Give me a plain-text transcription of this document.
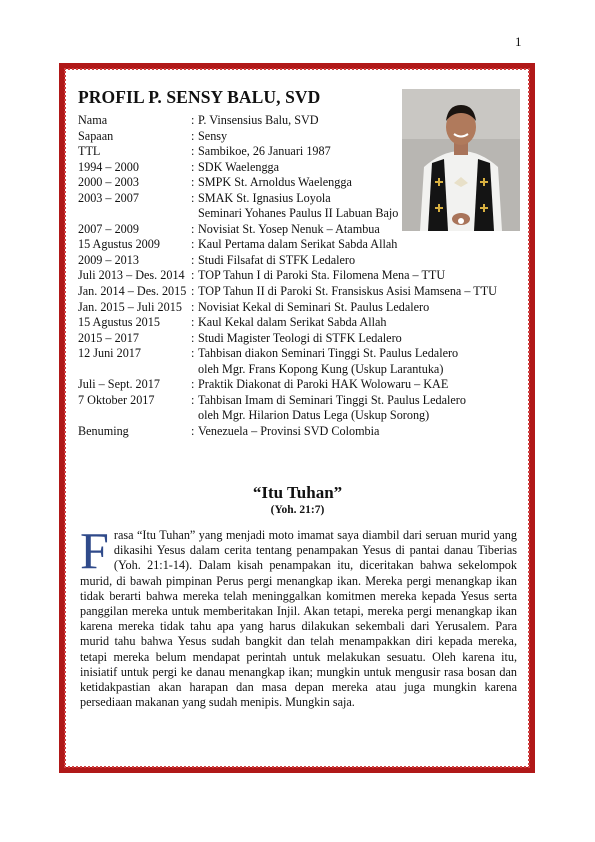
1
PROFIL P. SENSY BALU, SVD
Nama	:	P. Vinsensius Balu, SVD
Sapaan	:	Sensy
TTL	:	Sambikoe, 26 Januari 1987
1994 – 2000	:	SDK Waelengga
2000 – 2003	:	SMPK St. Arnoldus Waelengga
2003 – 2007	:	SMAK St. Ignasius Loyola
		Seminari Yohanes Paulus II Labuan Bajo
2007 – 2009	:	Novisiat St. Yosep Nenuk – Atambua
15 Agustus 2009	:	Kaul Pertama dalam Serikat Sabda Allah
2009 – 2013	:	Studi Filsafat di STFK Ledalero
Juli 2013 – Des. 2014	:	TOP Tahun I di Paroki Sta. Filomena Mena – TTU
Jan. 2014 – Des. 2015	:	TOP Tahun II di Paroki St. Fransiskus Asisi Mamsena – TTU
Jan. 2015 – Juli 2015	:	Novisiat Kekal di Seminari St. Paulus Ledalero
15 Agustus 2015	:	Kaul Kekal dalam Serikat Sabda Allah
2015 – 2017	:	Studi Magister Teologi di STFK Ledalero
12 Juni 2017	:	Tahbisan diakon Seminari Tinggi St. Paulus Ledalero
		oleh Mgr. Frans Kopong Kung (Uskup Larantuka)
Juli – Sept. 2017	:	Praktik Diakonat di Paroki HAK Wolowaru – KAE
7 Oktober 2017	:	Tahbisan Imam di Seminari Tinggi St. Paulus Ledalero
		oleh Mgr. Hilarion Datus Lega (Uskup Sorong)
Benuming	:	Venezuela – Provinsi SVD Colombia
“Itu Tuhan”
(Yoh. 21:7)
Frasa “Itu Tuhan” yang menjadi moto imamat saya diambil dari seruan murid yang dikasihi Yesus dalam cerita tentang penampakan Yesus di pantai danau Tiberias (Yoh. 21:1-14). Dalam kisah penampakan itu, diceritakan bahwa sekelompok murid, di bawah pimpinan Perus pergi menangkap ikan. Mereka pergi menangkap ikan tidak berarti bahwa mereka telah meninggalkan komitmen mereka kepada Yesus serta panggilan mereka untuk memberitakan Injil. Akan tetapi, mereka pergi menangkap ikan karena mereka tidak tahu apa yang harus dilakukan sekembali dari Yerusalem. Para murid tahu bahwa Yesus sudah bangkit dan telah menampakkan diri kepada mereka, tetapi mereka belum mendapat perintah untuk melakukan sesuatu. Oleh karena itu, inisiatif untuk pergi ke danau menangkap ikan; mungkin untuk mengusir rasa bosan dan ketidakpastian akan harapan dan masa depan mereka atau juga mungkin karena persediaan makanan yang sudah menipis. Mungkin saja.
